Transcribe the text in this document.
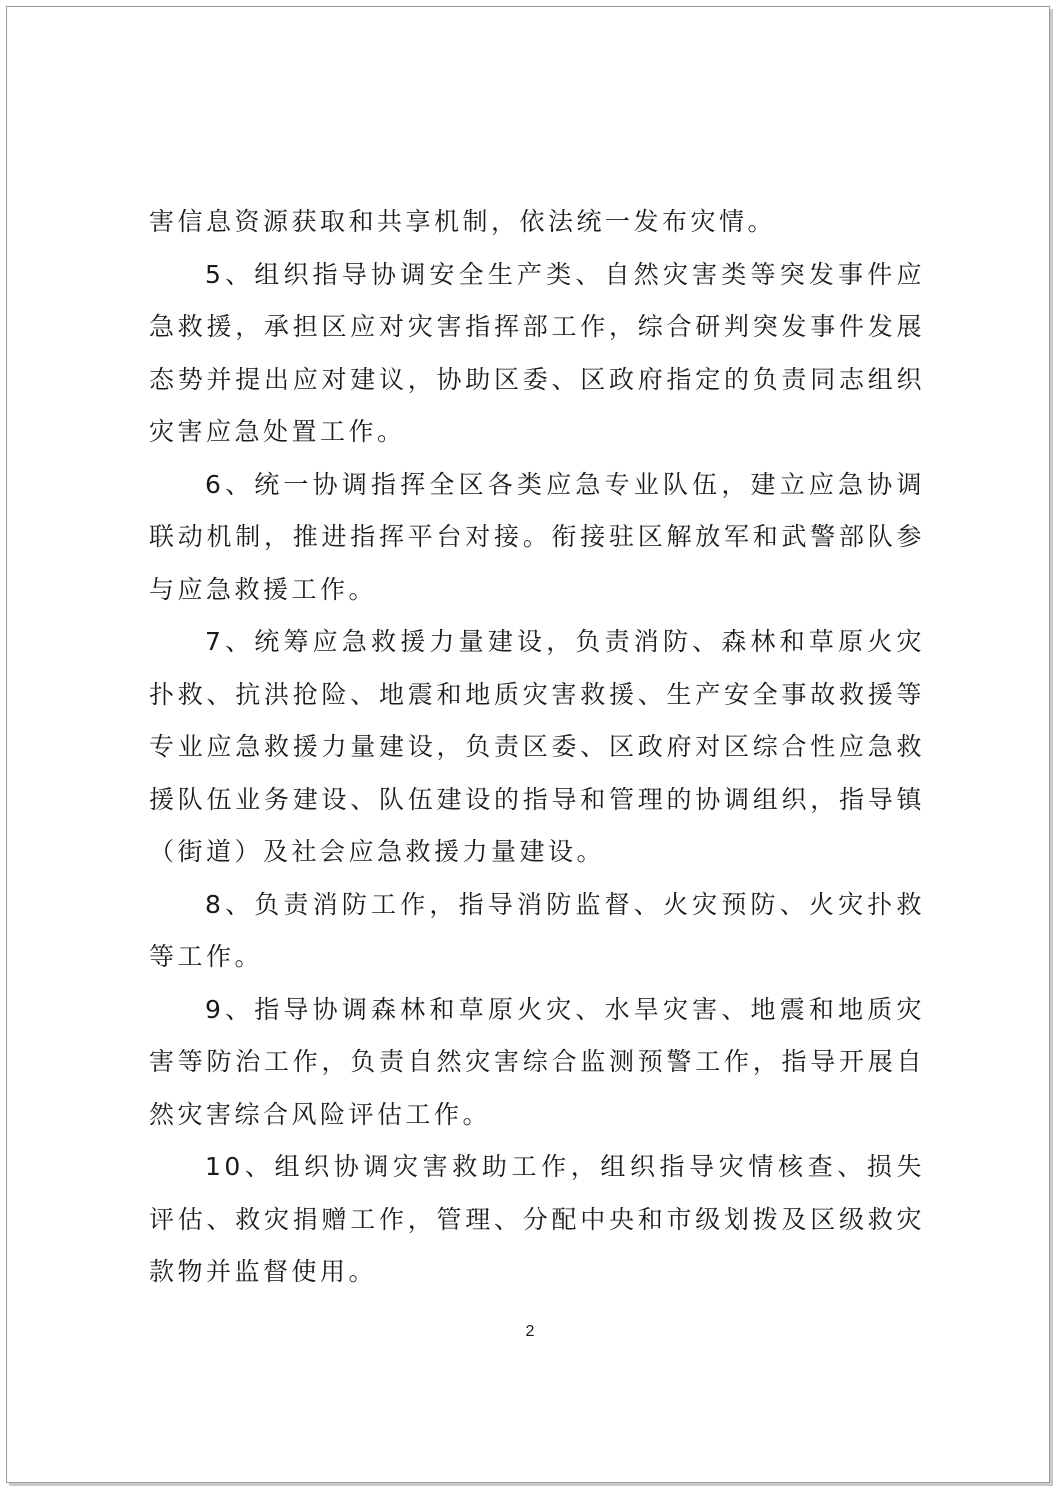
害信息资源获取和共享机制，依法统一发布灾情。

5、组织指导协调安全生产类、自然灾害类等突发事件应急救援，承担区应对灾害指挥部工作，综合研判突发事件发展态势并提出应对建议，协助区委、区政府指定的负责同志组织灾害应急处置工作。

6、统一协调指挥全区各类应急专业队伍，建立应急协调联动机制，推进指挥平台对接。衔接驻区解放军和武警部队参与应急救援工作。

7、统筹应急救援力量建设，负责消防、森林和草原火灾扑救、抗洪抢险、地震和地质灾害救援、生产安全事故救援等专业应急救援力量建设，负责区委、区政府对区综合性应急救援队伍业务建设、队伍建设的指导和管理的协调组织，指导镇（街道）及社会应急救援力量建设。

8、负责消防工作，指导消防监督、火灾预防、火灾扑救等工作。

9、指导协调森林和草原火灾、水旱灾害、地震和地质灾害等防治工作，负责自然灾害综合监测预警工作，指导开展自然灾害综合风险评估工作。

10、组织协调灾害救助工作，组织指导灾情核查、损失评估、救灾捐赠工作，管理、分配中央和市级划拨及区级救灾款物并监督使用。

2
